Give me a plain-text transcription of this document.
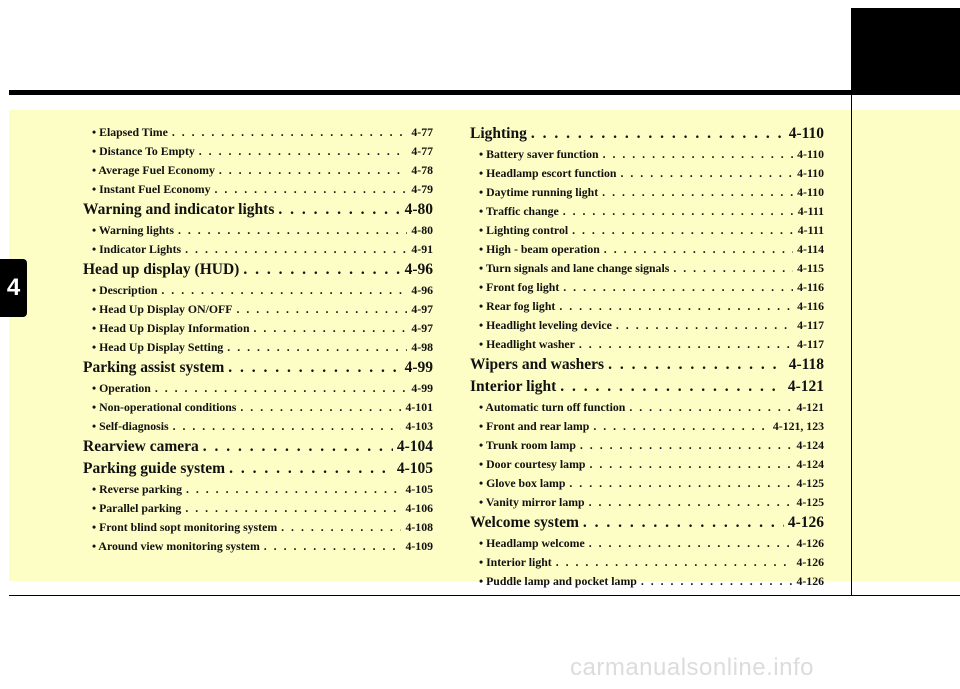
4
• Elapsed Time . . .	4-77
• Distance To Empty . . .	4-77
• Average Fuel Economy . . .	4-78
• Instant Fuel Economy . . .	4-79
Warning and indicator lights . . .	4-80
• Warning lights . . .	4-80
• Indicator Lights . . .	4-91
Head up display (HUD) . . .	4-96
• Description . . .	4-96
• Head Up Display ON/OFF . . .	4-97
• Head Up Display Information . . .	4-97
• Head Up Display Setting . . .	4-98
Parking assist system . . .	4-99
• Operation . . .	4-99
• Non-operational conditions . . .	4-101
• Self-diagnosis . . .	4-103
Rearview camera . . .	4-104
Parking guide system . . .	4-105
• Reverse parking . . .	4-105
• Parallel parking . . .	4-106
• Front blind sopt monitoring system . . .	4-108
• Around view monitoring system . . .	4-109
Lighting . . .	4-110
• Battery saver function . . .	4-110
• Headlamp escort function . . .	4-110
• Daytime running light . . .	4-110
• Traffic change . . .	4-111
• Lighting control . . .	4-111
• High - beam operation . . .	4-114
• Turn signals and lane change signals . . .	4-115
• Front fog light . . .	4-116
• Rear fog light . . .	4-116
• Headlight leveling device . . .	4-117
• Headlight washer . . .	4-117
Wipers and washers . . .	4-118
Interior light . . .	4-121
• Automatic turn off function . . .	4-121
• Front and rear lamp . . .	4-121, 123
• Trunk room lamp . . .	4-124
• Door courtesy lamp . . .	4-124
• Glove box lamp . . .	4-125
• Vanity mirror lamp . . .	4-125
Welcome system . . .	4-126
• Headlamp welcome . . .	4-126
• Interior light . . .	4-126
• Puddle lamp and pocket lamp . . .	4-126
carmanualsonline.info
